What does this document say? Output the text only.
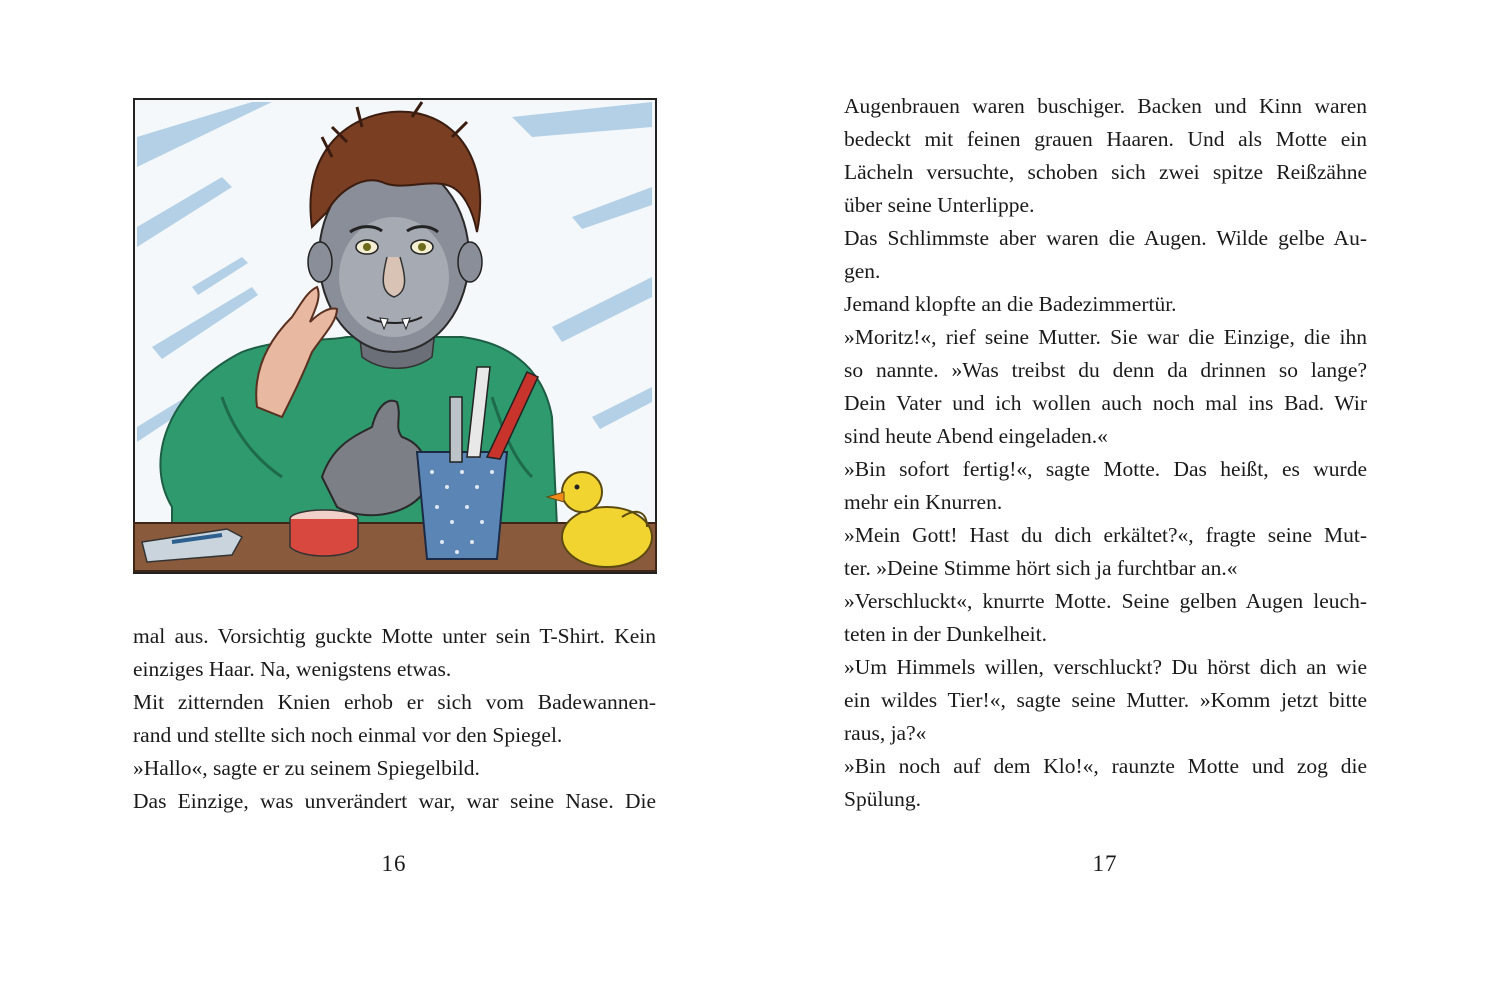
mal aus. Vorsichtig guckte Motte unter sein T-Shirt. Kein
einziges Haar. Na, wenigstens etwas.
Mit zitternden Knien erhob er sich vom Badewannen-
rand und stellte sich noch einmal vor den Spiegel.
»Hallo«, sagte er zu seinem Spiegelbild.
Das Einzige, was unverändert war, war seine Nase. Die
16
Augenbrauen waren buschiger. Backen und Kinn waren
bedeckt mit feinen grauen Haaren. Und als Motte ein
Lächeln versuchte, schoben sich zwei spitze Reißzähne
über seine Unterlippe.
Das Schlimmste aber waren die Augen. Wilde gelbe Au-
gen.
Jemand klopfte an die Badezimmertür.
»Moritz!«, rief seine Mutter. Sie war die Einzige, die ihn
so nannte. »Was treibst du denn da drinnen so lange?
Dein Vater und ich wollen auch noch mal ins Bad. Wir
sind heute Abend eingeladen.«
»Bin sofort fertig!«, sagte Motte. Das heißt, es wurde
mehr ein Knurren.
»Mein Gott! Hast du dich erkältet?«, fragte seine Mut-
ter. »Deine Stimme hört sich ja furchtbar an.«
»Verschluckt«, knurrte Motte. Seine gelben Augen leuch-
teten in der Dunkelheit.
»Um Himmels willen, verschluckt? Du hörst dich an wie
ein wildes Tier!«, sagte seine Mutter. »Komm jetzt bitte
raus, ja?«
»Bin noch auf dem Klo!«, raunzte Motte und zog die
Spülung.
17
